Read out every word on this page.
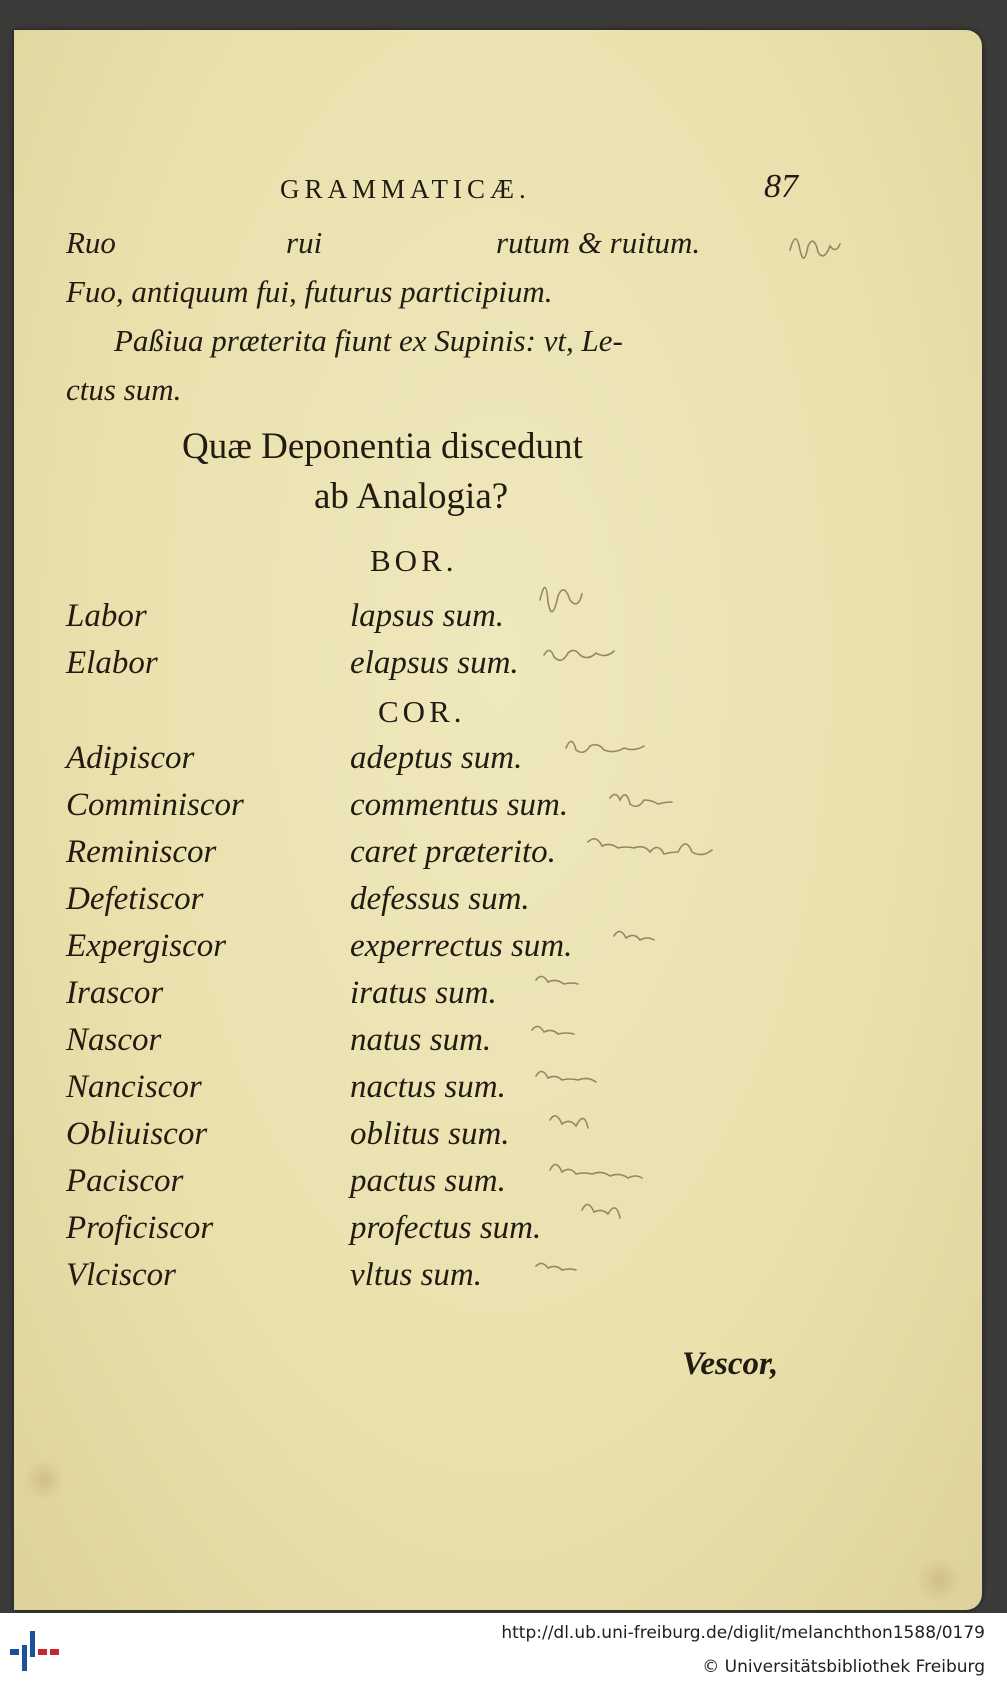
GRAMMATICÆ.	87
Ruo	rui	rutum & ruitum.
Fuo, antiquum fui, futurus participium.
Paßiua præterita fiunt ex Supinis: vt, Le-
ctus sum.
Quæ Deponentia discedunt
ab Analogia?
BOR.
Labor	lapsus sum.
Elabor	elapsus sum.
COR.
Adipiscor	adeptus sum.
Comminiscor	commentus sum.
Reminiscor	caret præterito.
Defetiscor	defessus sum.
Expergiscor	experrectus sum.
Irascor	iratus sum.
Nascor	natus sum.
Nanciscor	nactus sum.
Obliuiscor	oblitus sum.
Paciscor	pactus sum.
Proficiscor	profectus sum.
Vlciscor	vltus sum.
Vescor,
http://dl.ub.uni-freiburg.de/diglit/melanchthon1588/0179
© Universitätsbibliothek Freiburg
